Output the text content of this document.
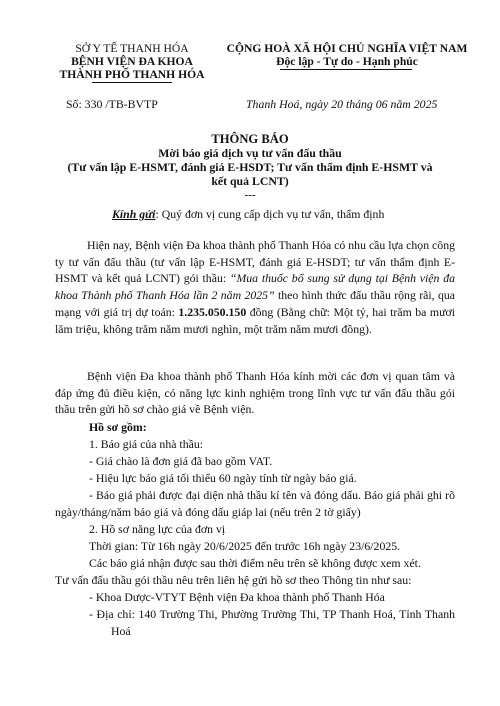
SỞ Y TẾ THANH HÓA
BỆNH VIỆN ĐA KHOA
THÀNH PHỐ THANH HÓA
CỘNG HOÀ XÃ HỘI CHỦ NGHĨA VIỆT NAM
Độc lập - Tự do - Hạnh phúc
Số: 330 /TB-BVTP	Thanh Hoá, ngày 20 tháng 06 năm 2025
THÔNG BÁO
Mời báo giá dịch vụ tư vấn đấu thầu
(Tư vấn lập E-HSMT, đánh giá E-HSDT; Tư vấn thẩm định E-HSMT và
kết quả LCNT)
---
Kính gửi: Quý đơn vị cung cấp dịch vụ tư vấn, thẩm định
Hiện nay, Bệnh viện Đa khoa thành phố Thanh Hóa có nhu cầu lựa chọn công ty tư vấn đấu thầu (tư vấn lập E-HSMT, đánh giá E-HSDT; tư vấn thẩm định E-HSMT và kết quả LCNT) gói thầu: “Mua thuốc bổ sung sử dụng tại Bệnh viện đa khoa Thành phố Thanh Hóa lần 2 năm 2025” theo hình thức đấu thầu rộng rãi, qua mạng với giá trị dự toán: 1.235.050.150 đồng (Bằng chữ: Một tỷ, hai trăm ba mươi lăm triệu, không trăm năm mươi nghìn, một trăm năm mươi đồng).
Bệnh viện Đa khoa thành phố Thanh Hóa kính mời các đơn vị quan tâm và đáp ứng đủ điều kiện, có năng lực kinh nghiệm trong lĩnh vực tư vấn đấu thầu gói thầu trên gửi hồ sơ chào giá về Bệnh viện.
Hồ sơ gồm:
1. Báo giá của nhà thầu:
- Giá chào là đơn giá đã bao gồm VAT.
- Hiệu lực báo giá tối thiểu 60 ngày tính từ ngày báo giá.
- Báo giá phải được đại diện nhà thầu kí tên và đóng dấu. Báo giá phải ghi rõ ngày/tháng/năm báo giá và đóng dấu giáp lai (nếu trên 2 tờ giấy)
2. Hồ sơ năng lực của đơn vị
Thời gian: Từ 16h ngày 20/6/2025 đến trước 16h ngày 23/6/2025.
Các báo giá nhận được sau thời điểm nêu trên sẽ không được xem xét.
Tư vấn đấu thầu gói thầu nêu trên liên hệ gửi hồ sơ theo Thông tin như sau:
- Khoa Dược-VTYT Bệnh viện Đa khoa thành phố Thanh Hóa
- Địa chỉ: 140 Trường Thi, Phường Trường Thi, TP Thanh Hoá, Tỉnh Thanh Hoá
